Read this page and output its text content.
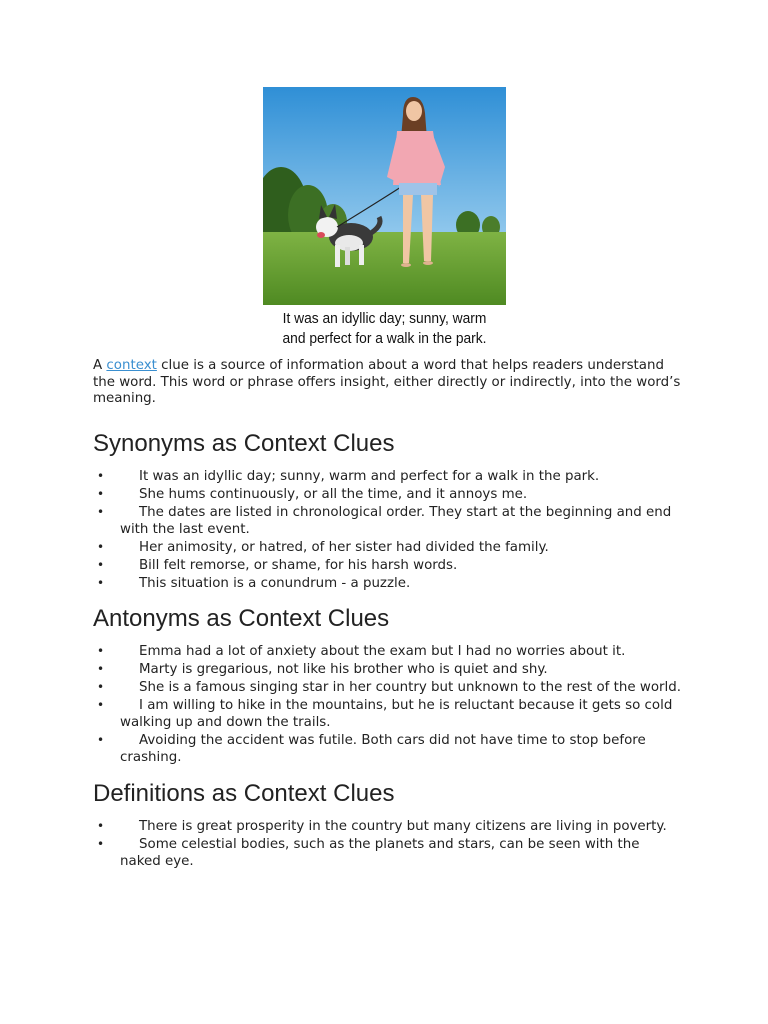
It was an idyllic day; sunny, warm
and perfect for a walk in the park.

A context clue is a source of information about a word that helps readers understand the word. This word or phrase offers insight, either directly or indirectly, into the word’s meaning.

Synonyms as Context Clues
•	It was an idyllic day; sunny, warm and perfect for a walk in the park.
•	She hums continuously, or all the time, and it annoys me.
•	The dates are listed in chronological order. They start at the beginning and end with the last event.
•	Her animosity, or hatred, of her sister had divided the family.
•	Bill felt remorse, or shame, for his harsh words.
•	This situation is a conundrum - a puzzle.
Antonyms as Context Clues
•	Emma had a lot of anxiety about the exam but I had no worries about it.
•	Marty is gregarious, not like his brother who is quiet and shy.
•	She is a famous singing star in her country but unknown to the rest of the world.
•	I am willing to hike in the mountains, but he is reluctant because it gets so cold walking up and down the trails.
•	Avoiding the accident was futile. Both cars did not have time to stop before crashing.
Definitions as Context Clues
•	There is great prosperity in the country but many citizens are living in poverty.
•	Some celestial bodies, such as the planets and stars, can be seen with the naked eye.
